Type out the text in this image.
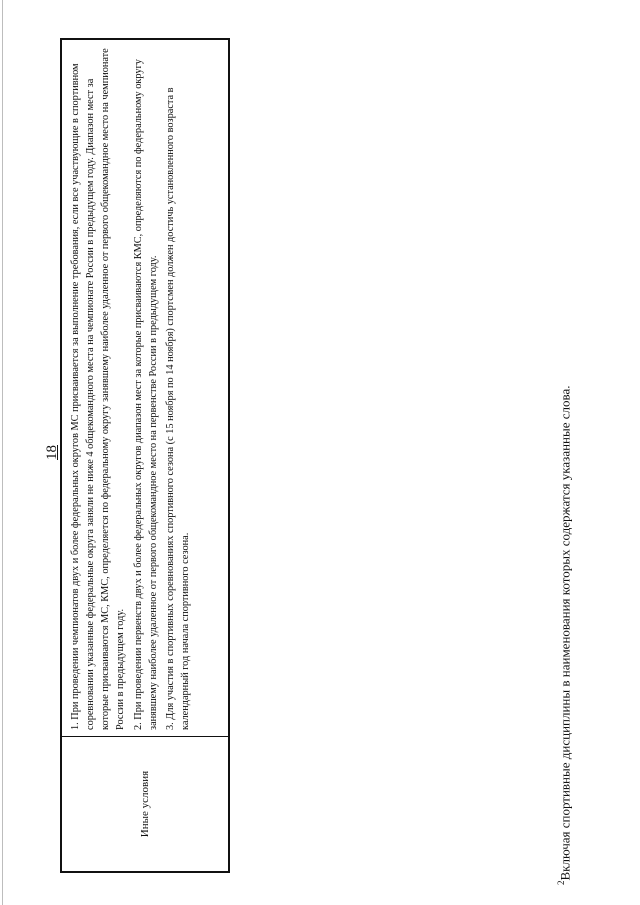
18
Иные условия

1. При проведении чемпионатов двух и более федеральных округов МС присваивается за выполнение требования, если все участвующие в спортивном соревновании указанные федеральные округа заняли не ниже 4 общекомандного места на чемпионате России в предыдущем году. Диапазон мест за которые присваиваются МС, КМС, определяется по федеральному округу занявшему наиболее удаленное от первого общекомандное место на чемпионате России в предыдущем году. 2. При проведении первенств двух и более федеральных округов диапазон мест за которые присваиваются КМС, определяются по федеральному округу занявшему наиболее удаленное от первого общекомандное место на первенстве России в предыдущем году. 3. Для участия в спортивных соревнованиях спортивного сезона (с 15 ноября по 14 ноября) спортсмен должен достичь установленного возраста в календарный год начала спортивного сезона.

$^2$Включая спортивные дисциплины в наименования которых содержатся указанные слова.
